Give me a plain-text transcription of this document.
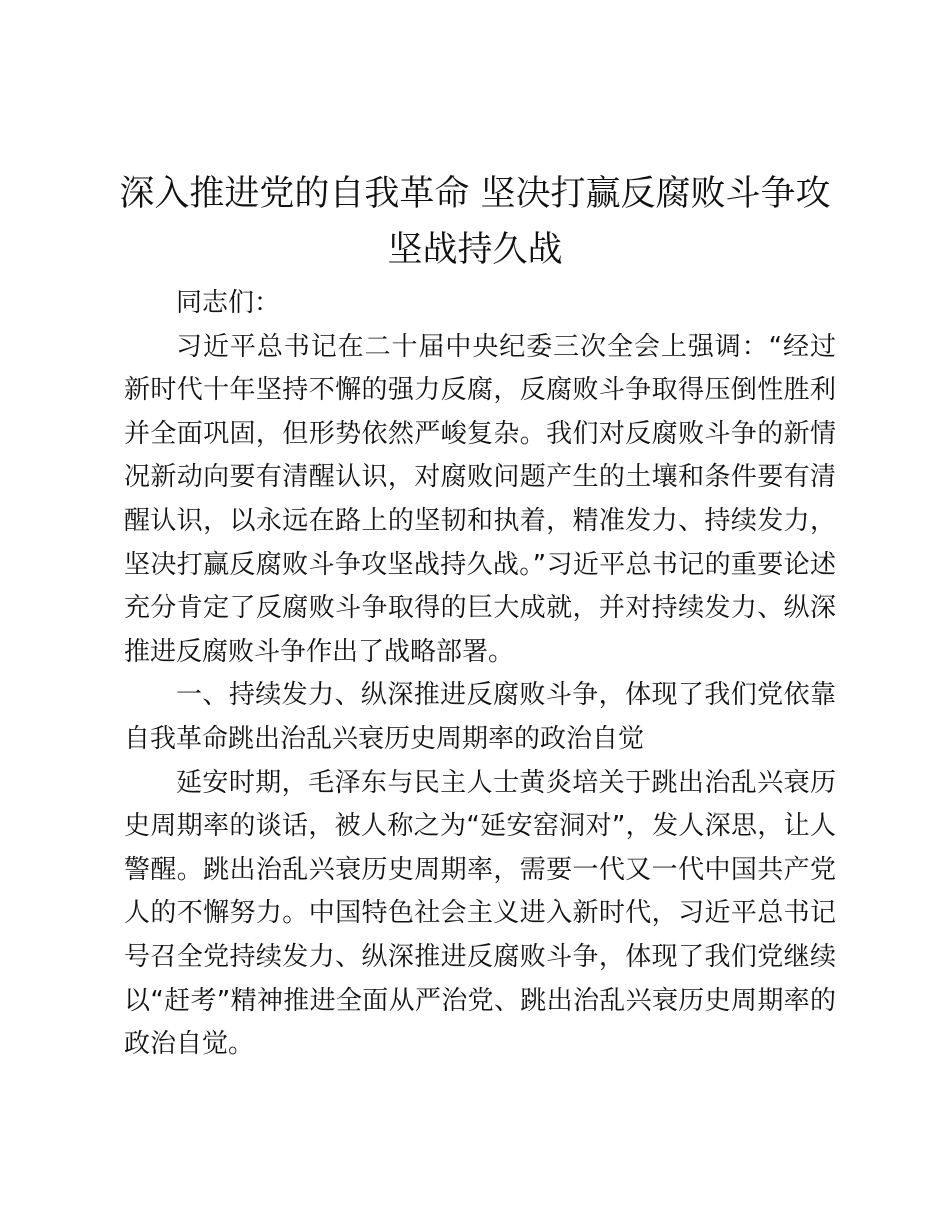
深入推进党的自我革命 坚决打赢反腐败斗争攻坚战持久战

同志们：

习近平总书记在二十届中央纪委三次全会上强调：“经过新时代十年坚持不懈的强力反腐，反腐败斗争取得压倒性胜利并全面巩固，但形势依然严峻复杂。我们对反腐败斗争的新情况新动向要有清醒认识，对腐败问题产生的土壤和条件要有清醒认识，以永远在路上的坚韧和执着，精准发力、持续发力，坚决打赢反腐败斗争攻坚战持久战。”习近平总书记的重要论述充分肯定了反腐败斗争取得的巨大成就，并对持续发力、纵深推进反腐败斗争作出了战略部署。

一、持续发力、纵深推进反腐败斗争，体现了我们党依靠自我革命跳出治乱兴衰历史周期率的政治自觉

延安时期，毛泽东与民主人士黄炎培关于跳出治乱兴衰历史周期率的谈话，被人称之为“延安窑洞对”，发人深思，让人警醒。跳出治乱兴衰历史周期率，需要一代又一代中国共产党人的不懈努力。中国特色社会主义进入新时代，习近平总书记号召全党持续发力、纵深推进反腐败斗争，体现了我们党继续以“赶考”精神推进全面从严治党、跳出治乱兴衰历史周期率的政治自觉。
